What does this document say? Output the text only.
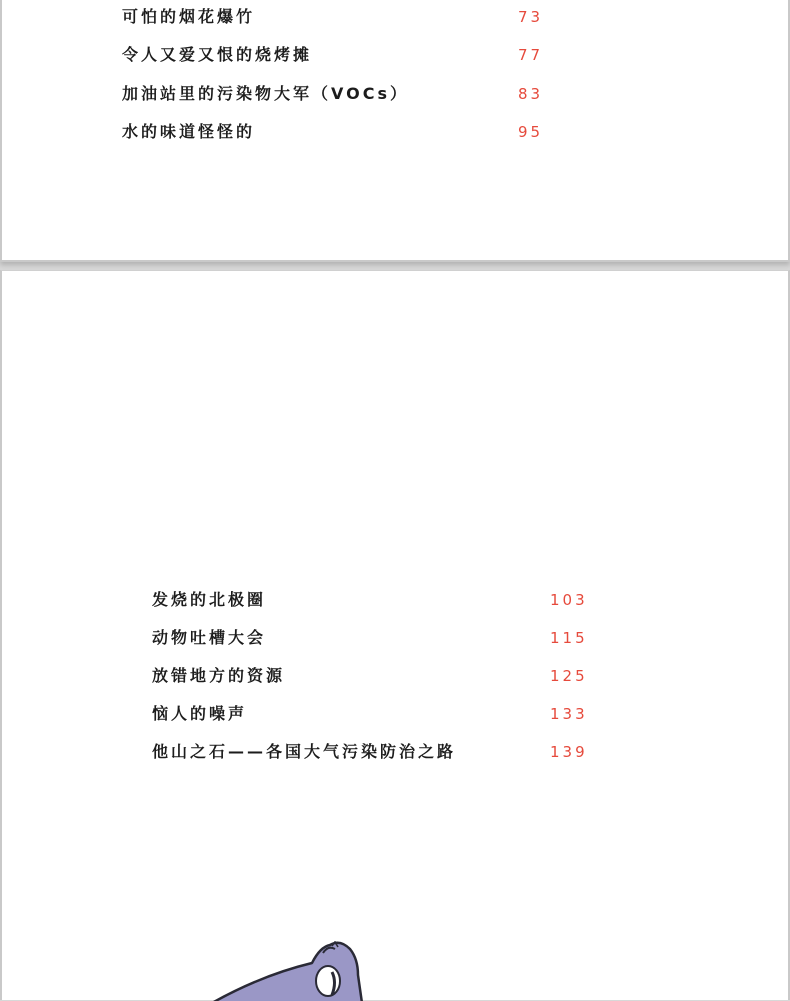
可怕的烟花爆竹	73
令人又爱又恨的烧烤摊	77
加油站里的污染物大军（VOCs）	83
水的味道怪怪的	95
发烧的北极圈	103
动物吐槽大会	115
放错地方的资源	125
恼人的噪声	133
他山之石——各国大气污染防治之路	139
